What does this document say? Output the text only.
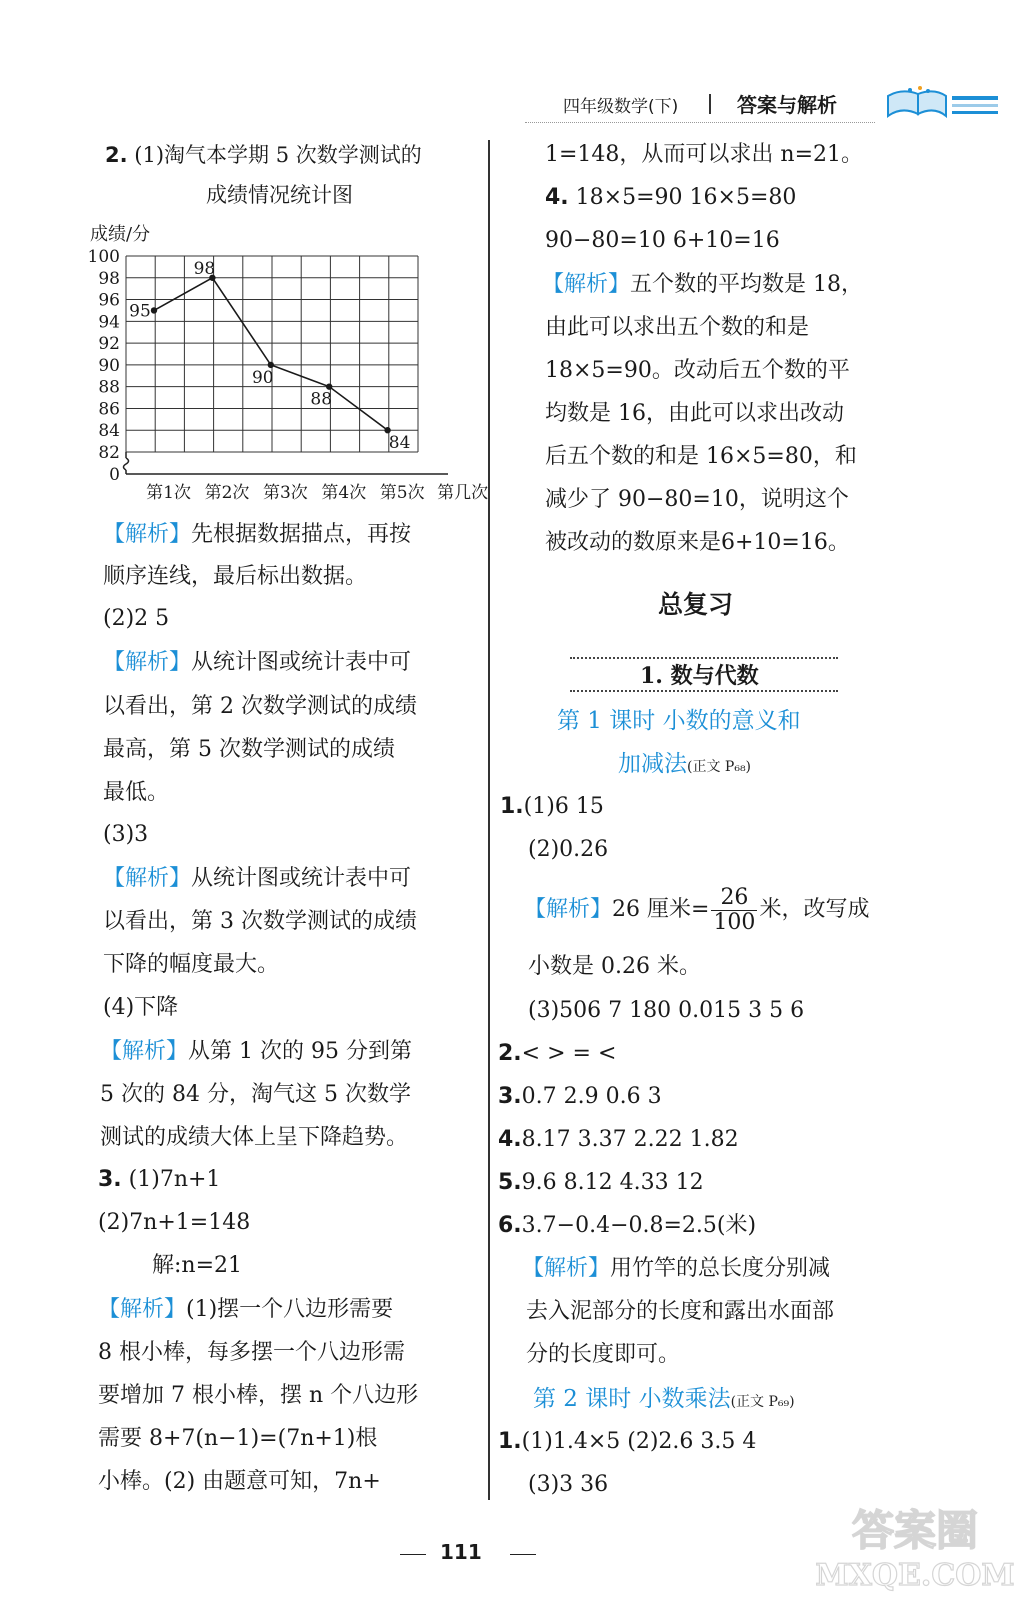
四年级数学(下)	答案与解析
2. (1)淘气本学期 5 次数学测试的
成绩情况统计图
100
98
96
94
92
90
88
86
84
82
0
第1次 第2次 第3次 第4次 第5次 第几次
95
98
90
88
84
成绩/分
【解析】先根据数据描点，再按
顺序连线，最后标出数据。
(2)2 5
【解析】从统计图或统计表中可
以看出，第 2 次数学测试的成绩
最高，第 5 次数学测试的成绩
最低。
(3)3
【解析】从统计图或统计表中可
以看出，第 3 次数学测试的成绩
下降的幅度最大。
(4)下降
【解析】从第 1 次的 95 分到第
5 次的 84 分，淘气这 5 次数学
测试的成绩大体上呈下降趋势。
3. (1)7n+1
(2)7n+1=148
解:n=21
【解析】(1)摆一个八边形需要
8 根小棒，每多摆一个八边形需
要增加 7 根小棒，摆 n 个八边形
需要 8+7(n−1)=(7n+1)根
小棒。(2) 由题意可知，7n+
1=148，从而可以求出 n=21。
4. 18×5=90 16×5=80
90−80=10 6+10=16
【解析】五个数的平均数是 18，
由此可以求出五个数的和是
18×5=90。改动后五个数的平
均数是 16，由此可以求出改动
后五个数的和是 16×5=80，和
减少了 90−80=10，说明这个
被改动的数原来是6+10=16。
总复习
1. 数与代数
第 1 课时 小数的意义和
加减法(正文 P₆₈)
1.(1)6 15
(2)0.26
【解析】26 厘米= $\frac{26}{100}$ 米，改写成
小数是 0.26 米。
(3)506 7 180 0.015 3 5 6
2.< > = <
3.0.7 2.9 0.6 3
4.8.17 3.37 2.22 1.82
5.9.6 8.12 4.33 12
6.3.7−0.4−0.8=2.5(米)
【解析】用竹竿的总长度分别减
去入泥部分的长度和露出水面部
分的长度即可。
第 2 课时 小数乘法(正文 P₆₉)
1.(1)1.4×5 (2)2.6 3.5 4
(3)3 36
111	答案圈
MXQE.COM
